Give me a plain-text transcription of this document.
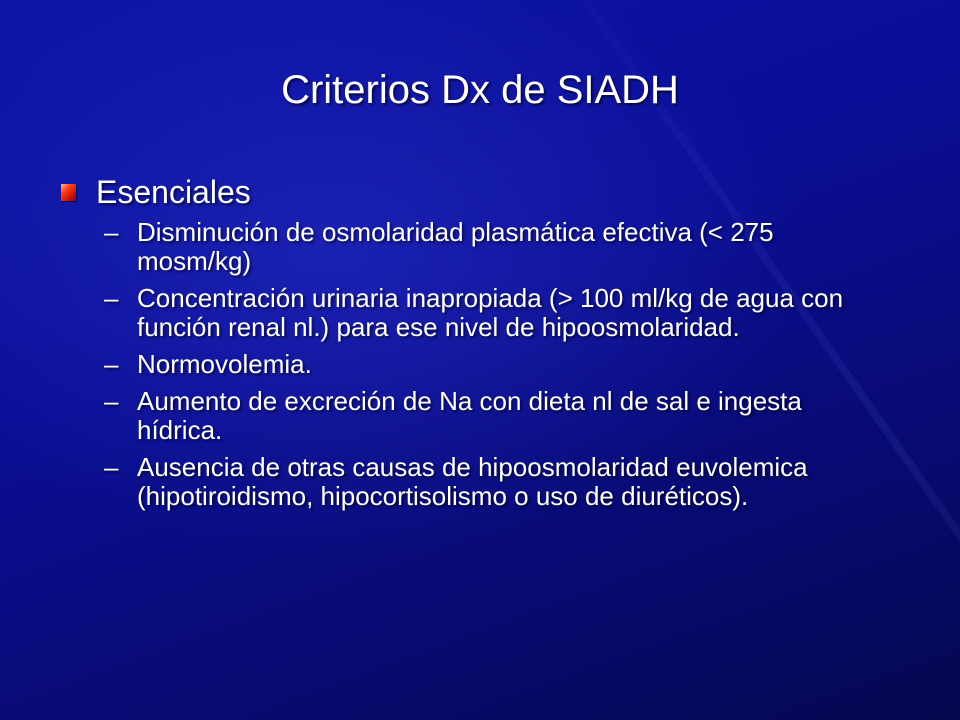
Criterios Dx de SIADH
Esenciales
– Disminución de osmolaridad plasmática efectiva (< 275 mosm/kg)
– Concentración urinaria inapropiada (> 100 ml/kg de agua con función renal nl.) para ese nivel de hipoosmolaridad.
– Normovolemia.
– Aumento de excreción de Na con dieta nl de sal e ingesta hídrica.
– Ausencia de otras causas de hipoosmolaridad euvolemica (hipotiroidismo, hipocortisolismo o uso de diuréticos).
